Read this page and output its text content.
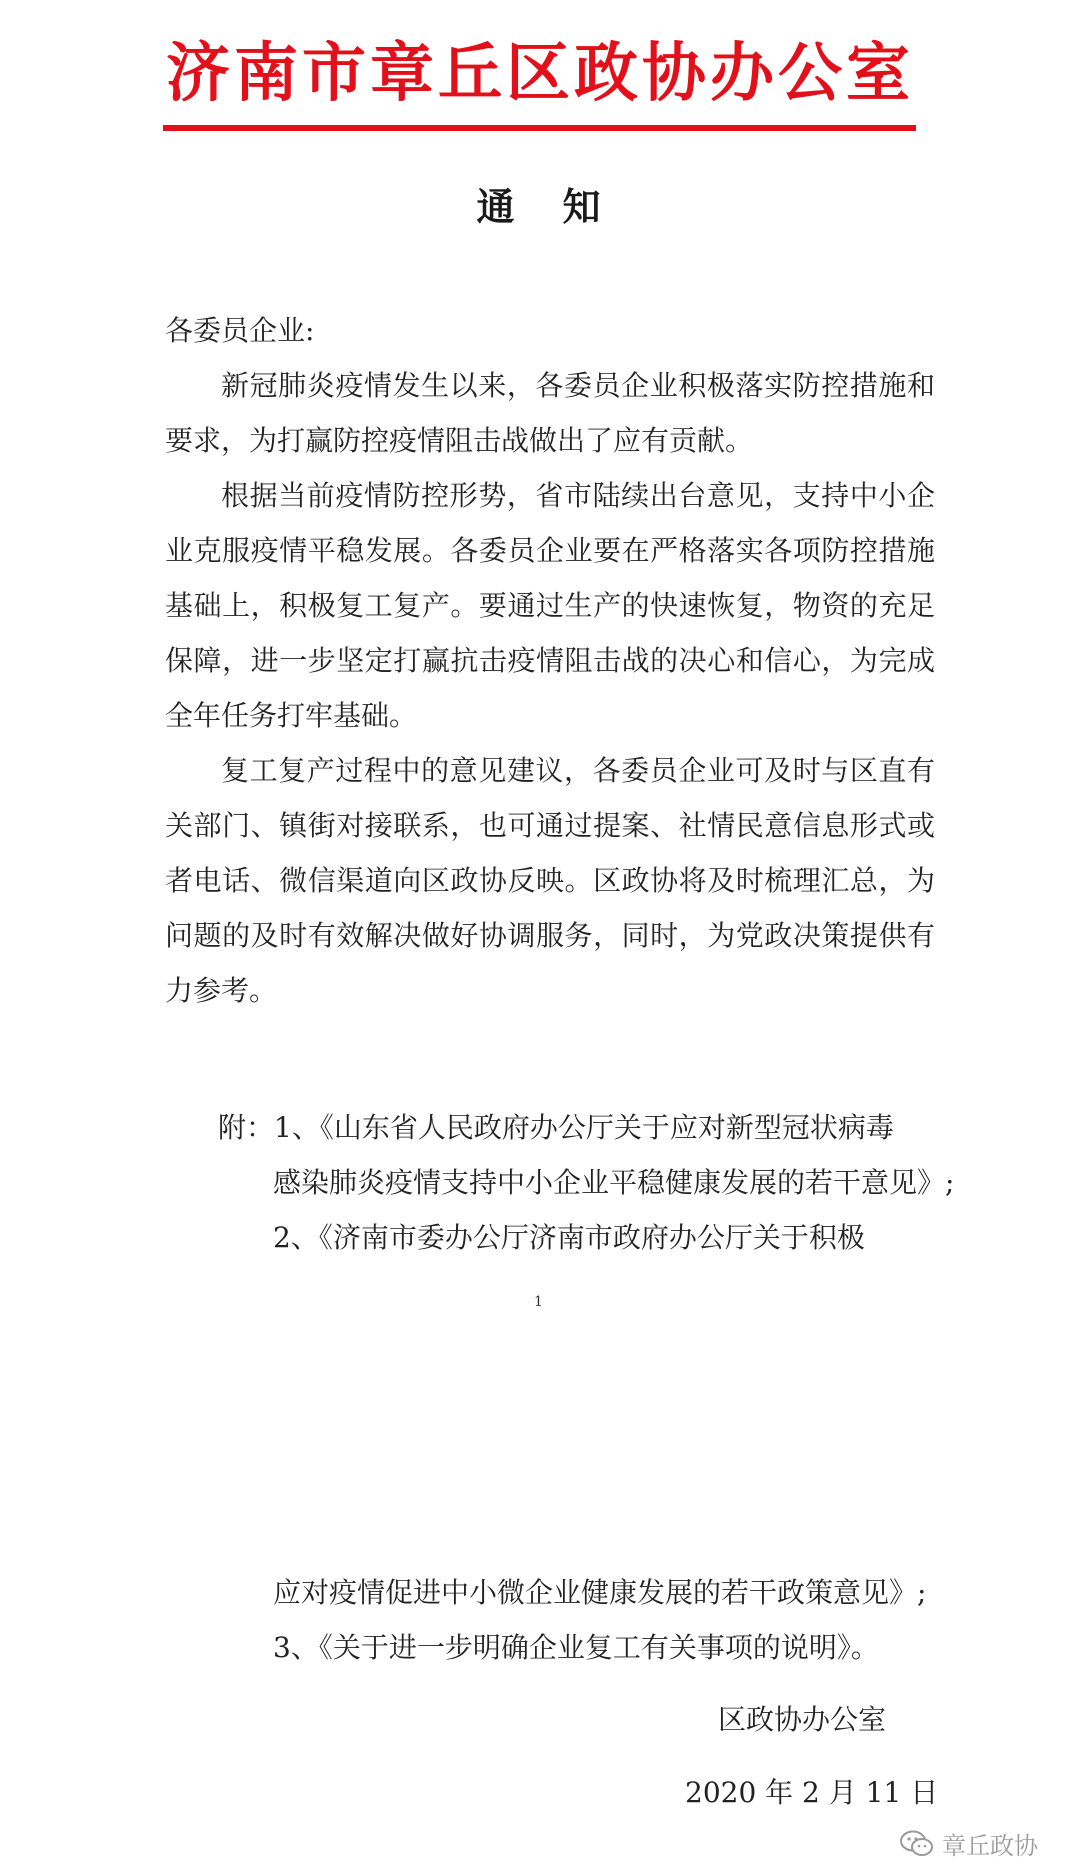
济南市章丘区政协办公室
通知

各委员企业:

新冠肺炎疫情发生以来，各委员企业积极落实防控措施和要求，为打赢防控疫情阻击战做出了应有贡献。

根据当前疫情防控形势，省市陆续出台意见，支持中小企业克服疫情平稳发展。各委员企业要在严格落实各项防控措施基础上，积极复工复产。要通过生产的快速恢复，物资的充足保障，进一步坚定打赢抗击疫情阻击战的决心和信心，为完成全年任务打牢基础。

复工复产过程中的意见建议，各委员企业可及时与区直有关部门、镇街对接联系，也可通过提案、社情民意信息形式或者电话、微信渠道向区政协反映。区政协将及时梳理汇总，为问题的及时有效解决做好协调服务，同时，为党政决策提供有力参考。

附：1、《山东省人民政府办公厅关于应对新型冠状病毒

感染肺炎疫情支持中小企业平稳健康发展的若干意见》;

2、《济南市委办公厅济南市政府办公厅关于积极

1

应对疫情促进中小微企业健康发展的若干政策意见》;

3、《关于进一步明确企业复工有关事项的说明》。

区政协办公室
2020 年 2 月 11 日
章丘政协
